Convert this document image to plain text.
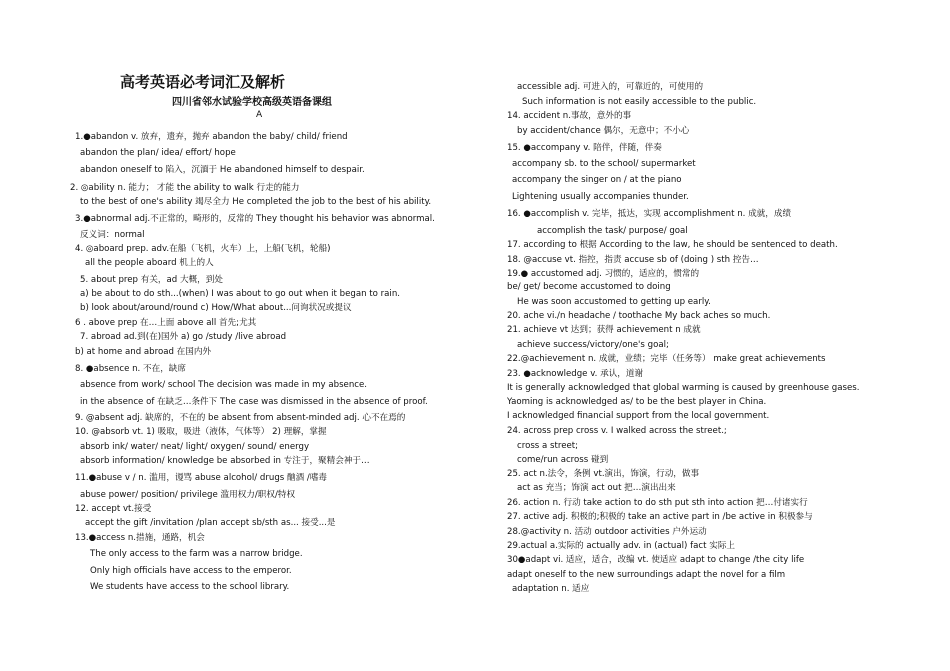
高考英语必考词汇及解析
四川省邻水试验学校高级英语备课组
A
1.●abandon v. 放弃，遗弃，抛弃 abandon the baby/ child/ friend
abandon the plan/ idea/ effort/ hope
abandon oneself to 陷入，沉湎于 He abandoned himself to despair.
2. ◎ability n. 能力； 才能 the ability to walk 行走的能力
to the best of one's ability 竭尽全力 He completed the job to the best of his ability.
3.●abnormal adj.不正常的，畸形的，反常的 They thought his behavior was abnormal.
反义词：normal
4. ◎aboard prep. adv.在船（飞机，火车）上，上船(飞机，轮船)
all the people aboard 机上的人
5. about prep 有关，ad 大概，到处
a) be about to do sth...(when) I was about to go out when it began to rain.
b) look about/around/round c) How/What about...问询状况或提议
6 . above prep 在…上面 above all 首先;尤其
7. abroad ad.到(在)国外 a) go /study /live abroad
b) at home and abroad 在国内外
8. ●absence n. 不在，缺席
absence from work/ school The decision was made in my absence.
in the absence of 在缺乏…条件下 The case was dismissed in the absence of proof.
9. @absent adj. 缺席的，不在的 be absent from absent-minded adj. 心不在焉的
10. @absorb vt. 1) 吸取，吸进（液体，气体等） 2) 理解，掌握
absorb ink/ water/ neat/ light/ oxygen/ sound/ energy
absorb information/ knowledge be absorbed in 专注于，聚精会神于…
11.●abuse v / n. 滥用，谩骂 abuse alcohol/ drugs 酗酒 /嗜毒
abuse power/ position/ privilege 滥用权力/职权/特权
12. accept vt.接受
accept the gift /invitation /plan accept sb/sth as... 接受...是
13.●access n.措施，通路，机会
The only access to the farm was a narrow bridge.
Only high officials have access to the emperor.
We students have access to the school library.
accessible adj. 可进入的，可靠近的，可使用的
Such information is not easily accessible to the public.
14. accident n.事故，意外的事
by accident/chance 偶尔，无意中；不小心
15. ●accompany v. 陪伴，伴随，伴奏
accompany sb. to the school/ supermarket
accompany the singer on / at the piano
Lightening usually accompanies thunder.
16. ●accomplish v. 完毕，抵达，实现 accomplishment n. 成就，成绩
accomplish the task/ purpose/ goal
17. according to 根据 According to the law, he should be sentenced to death.
18. @accuse vt. 指控，指责 accuse sb of (doing ) sth 控告…
19.● accustomed adj. 习惯的，适应的，惯常的
be/ get/ become accustomed to doing
He was soon accustomed to getting up early.
20. ache vi./n headache / toothache My back aches so much.
21. achieve vt 达到；获得 achievement n 成就
achieve success/victory/one's goal;
22.@achievement n. 成就，业绩；完毕（任务等） make great achievements
23. ●acknowledge v. 承认，道谢
It is generally acknowledged that global warming is caused by greenhouse gases.
Yaoming is acknowledged as/ to be the best player in China.
I acknowledged financial support from the local government.
24. across prep cross v. I walked across the street.;
cross a street;
come/run across 碰到
25. act n.法令，条例 vt.演出，饰演，行动，做事
act as 充当；饰演 act out 把…演出出来
26. action n. 行动 take action to do sth put sth into action 把…付诸实行
27. active adj. 积极的;积极的 take an active part in /be active in 积极参与
28.@activity n. 活动 outdoor activities 户外运动
29.actual a.实际的 actually adv. in (actual) fact 实际上
30●adapt vi. 适应，适合，改编 vt. 使适应 adapt to change /the city life
adapt oneself to the new surroundings adapt the novel for a film
adaptation n. 适应
